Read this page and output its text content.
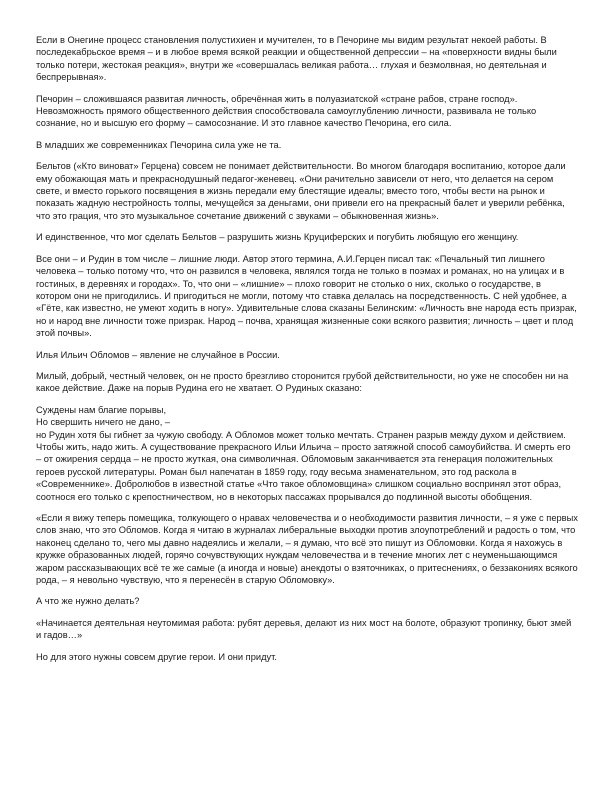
Если в Онегине процесс становления полустихиен и мучителен, то в Печорине мы видим результат некоей работы. В последекабрьское время – и в любое время всякой реакции и общественной депрессии – на «поверхности видны были только потери, жестокая реакция», внутри же «совершалась великая работа… глухая и безмолвная, но деятельная и беспрерывная».

Печорин – сложившаяся развитая личность, обречённая жить в полуазиатской «стране рабов, стране господ». Невозможность прямого общественного действия способствовала самоуглублению личности, развивала не только сознание, но и высшую его форму – самосознание. И это главное качество Печорина, его сила.

В младших же современниках Печорина сила уже не та.

Бельтов («Кто виноват» Герцена) совсем не понимает действительности. Во многом благодаря воспитанию, которое дали ему обожающая мать и прекраснодушный педагог-женевец. «Они рачительно зависели от него, что делается на сером свете, и вместо горького посвящения в жизнь передали ему блестящие идеалы; вместо того, чтобы вести на рынок и показать жадную нестройность толпы, мечущейся за деньгами, они привели его на прекрасный балет и уверили ребёнка, что это грация, что это музыкальное сочетание движений с звуками – обыкновенная жизнь».

И единственное, что мог сделать Бельтов – разрушить жизнь Круциферских и погубить любящую его женщину.

Все они – и Рудин в том числе – лишние люди. Автор этого термина, А.И.Герцен писал так: «Печальный тип лишнего человека – только потому что, что он развился в человека, являлся тогда не только в поэмах и романах, но на улицах и в гостиных, в деревнях и городах». То, что они – «лишние» – плохо говорит не столько о них, сколько о государстве, в котором они не пригодились. И пригодиться не могли, потому что ставка делалась на посредственность. С ней удобнее, а «Гёте, как известно, не умеют ходить в ногу». Удивительные слова сказаны Белинским: «Личность вне народа есть призрак, но и народ вне личности тоже призрак. Народ – почва, хранящая жизненные соки всякого развития; личность – цвет и плод этой почвы».

Илья Ильич Обломов – явление не случайное в России.

Милый, добрый, честный человек, он не просто брезгливо сторонится грубой действительности, но уже не способен ни на какое действие. Даже на порыв Рудина его не хватает. О Рудиных сказано:

Суждены нам благие порывы,
Но свершить ничего не дано, –

но Рудин хотя бы гибнет за чужую свободу. А Обломов может только мечтать. Странен разрыв между духом и действием. Чтобы жить, надо жить. А существование прекрасного Ильи Ильича – просто затяжной способ самоубийства. И смерть его – от ожирения сердца – не просто жуткая, она символичная. Обломовым заканчивается эта генерация положительных героев русской литературы. Роман был напечатан в 1859 году, году весьма знаменательном, это год раскола в «Современнике». Добролюбов в известной статье «Что такое обломовщина» слишком социально воспринял этот образ, соотнося его только с крепостничеством, но в некоторых пассажах прорывался до подлинной высоты обобщения.

«Если я вижу теперь помещика, толкующего о нравах человечества и о необходимости развития личности, – я уже с первых слов знаю, что это Обломов. Когда я читаю в журналах либеральные выходки против злоупотреблений и радость о том, что наконец сделано то, чего мы давно надеялись и желали, – я думаю, что всё это пишут из Обломовки. Когда я нахожусь в кружке образованных людей, горячо сочувствующих нуждам человечества и в течение многих лет с неуменьшающимся жаром рассказывающих всё те же самые (а иногда и новые) анекдоты о взяточниках, о притеснениях, о беззакониях всякого рода, – я невольно чувствую, что я перенесён в старую Обломовку».

А что же нужно делать?

«Начинается деятельная неутомимая работа: рубят деревья, делают из них мост на болоте, образуют тропинку, бьют змей и гадов…»

Но для этого нужны совсем другие герои. И они придут.
